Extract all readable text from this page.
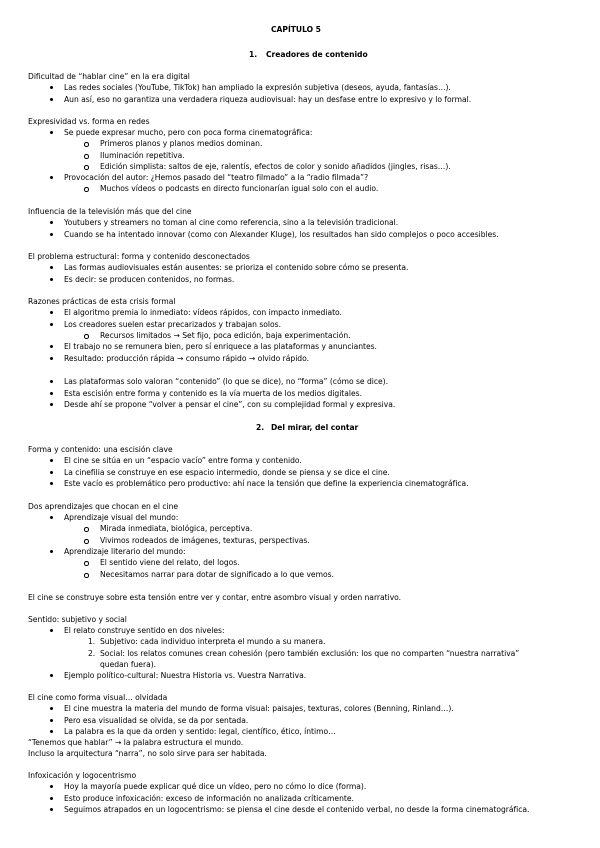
CAPÍTULO 5
1. Creadores de contenido
Dificultad de “hablar cine” en la era digital
Las redes sociales (YouTube, TikTok) han ampliado la expresión subjetiva (deseos, ayuda, fantasías…).
Aun así, eso no garantiza una verdadera riqueza audiovisual: hay un desfase entre lo expresivo y lo formal.
Expresividad vs. forma en redes
Se puede expresar mucho, pero con poca forma cinematográfica:
Primeros planos y planos medios dominan.
Iluminación repetitiva.
Edición simplista: saltos de eje, ralentís, efectos de color y sonido añadidos (jingles, risas…).
Provocación del autor: ¿Hemos pasado del “teatro filmado” a la “radio filmada”?
Muchos vídeos o podcasts en directo funcionarían igual solo con el audio.
Influencia de la televisión más que del cine
Youtubers y streamers no toman al cine como referencia, sino a la televisión tradicional.
Cuando se ha intentado innovar (como con Alexander Kluge), los resultados han sido complejos o poco accesibles.
El problema estructural: forma y contenido desconectados
Las formas audiovisuales están ausentes: se prioriza el contenido sobre cómo se presenta.
Es decir: se producen contenidos, no formas.
Razones prácticas de esta crisis formal
El algoritmo premia lo inmediato: vídeos rápidos, con impacto inmediato.
Los creadores suelen estar precarizados y trabajan solos.
Recursos limitados → Set fijo, poca edición, baja experimentación.
El trabajo no se remunera bien, pero sí enriquece a las plataformas y anunciantes.
Resultado: producción rápida → consumo rápido → olvido rápido.
Las plataformas solo valoran “contenido” (lo que se dice), no “forma” (cómo se dice).
Esta escisión entre forma y contenido es la vía muerta de los medios digitales.
Desde ahí se propone “volver a pensar el cine”, con su complejidad formal y expresiva.
2. Del mirar, del contar
Forma y contenido: una escisión clave
El cine se sitúa en un “espacio vacío” entre forma y contenido.
La cinefilia se construye en ese espacio intermedio, donde se piensa y se dice el cine.
Este vacío es problemático pero productivo: ahí nace la tensión que define la experiencia cinematográfica.
Dos aprendizajes que chocan en el cine
Aprendizaje visual del mundo:
Mirada inmediata, biológica, perceptiva.
Vivimos rodeados de imágenes, texturas, perspectivas.
Aprendizaje literario del mundo:
El sentido viene del relato, del logos.
Necesitamos narrar para dotar de significado a lo que vemos.
El cine se construye sobre esta tensión entre ver y contar, entre asombro visual y orden narrativo.
Sentido: subjetivo y social
El relato construye sentido en dos niveles:
1. Subjetivo: cada individuo interpreta el mundo a su manera.
2. Social: los relatos comunes crean cohesión (pero también exclusión: los que no comparten “nuestra narrativa”
quedan fuera).
Ejemplo político-cultural: Nuestra Historia vs. Vuestra Narrativa.
El cine como forma visual… olvidada
El cine muestra la materia del mundo de forma visual: paisajes, texturas, colores (Benning, Rinland…).
Pero esa visualidad se olvida, se da por sentada.
La palabra es la que da orden y sentido: legal, científico, ético, íntimo…
“Tenemos que hablar” → la palabra estructura el mundo.
Incluso la arquitectura “narra”, no solo sirve para ser habitada.
Infoxicación y logocentrismo
Hoy la mayoría puede explicar qué dice un vídeo, pero no cómo lo dice (forma).
Esto produce infoxicación: exceso de información no analizada críticamente.
Seguimos atrapados en un logocentrismo: se piensa el cine desde el contenido verbal, no desde la forma cinematográfica.
